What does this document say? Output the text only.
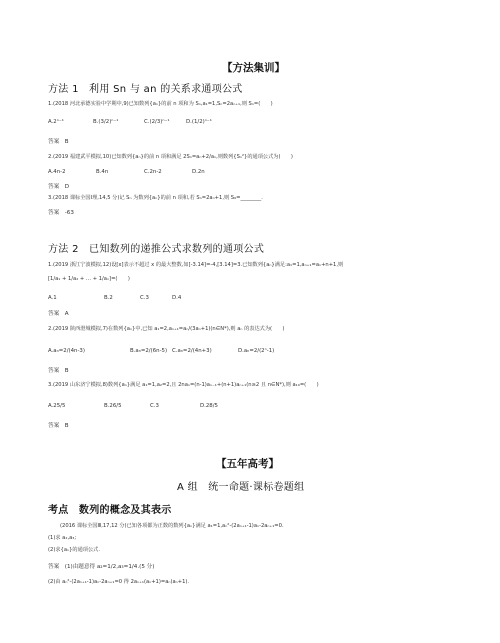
【方法集训】
方法 1　利用 Sn 与 an 的关系求通项公式
1.(2018 河北承德实验中学期中,9)已知数列{aₙ}的前 n 项和为 Sₙ,a₁=1,Sₙ=2aₙ₊₁,则 Sₙ=(　　)
A.2ⁿ⁻¹	B.(3/2)ⁿ⁻¹	C.(2/3)ⁿ⁻¹	D.(1/2)ⁿ⁻¹
答案　B
2.(2019 福建武平模拟,10)已知数列{aₙ}的前 n 项和满足 2Sₙ=aₙ+2/aₙ,则数列{Sₙ²}的通项公式为(　　)
A.4n-2	B.4n	C.2n-2	D.2n
答案　D
3.(2018 课标全国Ⅰ理,14,5 分)记 Sₙ 为数列{aₙ}的前 n 项和,若 Sₙ=2aₙ+1,则 S₆=________.
答案　-63
方法 2　已知数列的递推公式求数列的通项公式
1.(2019 浙江宁波模拟,12)设[x]表示不超过 x 的最大整数,如[-3.14]=-4,[3.14]=3.已知数列{aₙ}满足:a₁=1,aₙ₊₁=aₙ+n+1,则
[1/a₁ + 1/a₂ + … + 1/aₙ]=(　　)
A.1	B.2	C.3	D.4
答案　A
2.(2019 陕西澄城模拟,7)在数列{aₙ}中,已知 a₁=2,aₙ₊₁=aₙ/(3aₙ+1)(n∈N*),则 aₙ 的表达式为(　　)
A.aₙ=2/(4n-3)	B.aₙ=2/(6n-5) C.aₙ=2/(4n+3)	D.aₙ=2/(2ⁿ-1)
答案　B
3.(2019 山东济宁模拟,8)数列{aₙ}满足 a₁=1,a₂=2,且 2naₙ=(n-1)aₙ₋₁+(n+1)aₙ₊₁(n≥2 且 n∈N*),则 a₁₀=(　　)
A.25/5	B.26/5	C.3	D.28/5
答案　B
【五年高考】
A 组　统一命题·课标卷题组
考点　数列的概念及其表示
(2016 课标全国Ⅲ,17,12 分)已知各项都为正数的数列{aₙ}满足 a₁=1,aₙ²-(2aₙ₊₁-1)aₙ-2aₙ₊₁=0.
(1)求 a₂,a₃;
(2)求{aₙ}的通项公式.
答案　(1)由题意得 a₂=1/2,a₃=1/4.(5 分)
(2)由 aₙ²-(2aₙ₊₁-1)aₙ-2aₙ₊₁=0 得 2aₙ₊₁(aₙ+1)=aₙ(aₙ+1).
